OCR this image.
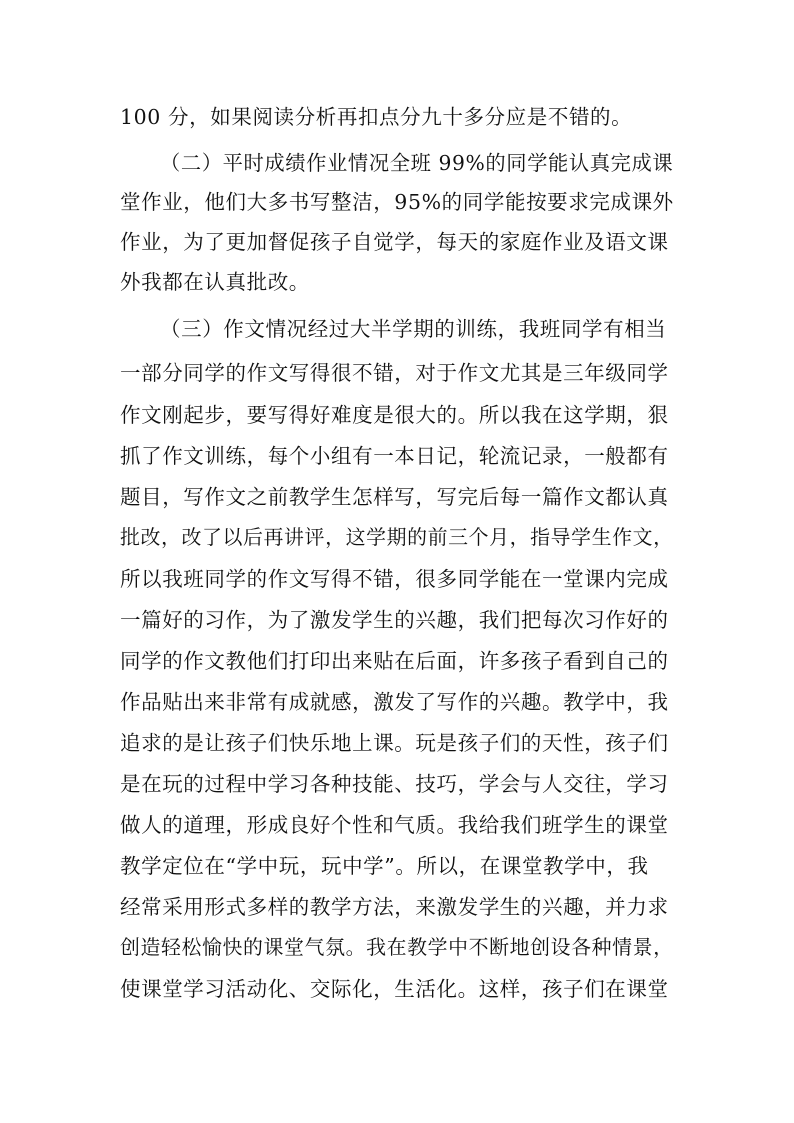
100 分，如果阅读分析再扣点分九十多分应是不错的。
（二）平时成绩作业情况全班 99%的同学能认真完成课
堂作业，他们大多书写整洁，95%的同学能按要求完成课外
作业，为了更加督促孩子自觉学，每天的家庭作业及语文课
外我都在认真批改。
（三）作文情况经过大半学期的训练，我班同学有相当
一部分同学的作文写得很不错，对于作文尤其是三年级同学
作文刚起步，要写得好难度是很大的。所以我在这学期，狠
抓了作文训练，每个小组有一本日记，轮流记录，一般都有
题目，写作文之前教学生怎样写，写完后每一篇作文都认真
批改，改了以后再讲评，这学期的前三个月，指导学生作文，
所以我班同学的作文写得不错，很多同学能在一堂课内完成
一篇好的习作，为了激发学生的兴趣，我们把每次习作好的
同学的作文教他们打印出来贴在后面，许多孩子看到自己的
作品贴出来非常有成就感，激发了写作的兴趣。教学中，我
追求的是让孩子们快乐地上课。玩是孩子们的天性，孩子们
是在玩的过程中学习各种技能、技巧，学会与人交往，学习
做人的道理，形成良好个性和气质。我给我们班学生的课堂
教学定位在“学中玩，玩中学”。所以，在课堂教学中，我
经常采用形式多样的教学方法，来激发学生的兴趣，并力求
创造轻松愉快的课堂气氛。我在教学中不断地创设各种情景，
使课堂学习活动化、交际化，生活化。这样，孩子们在课堂
